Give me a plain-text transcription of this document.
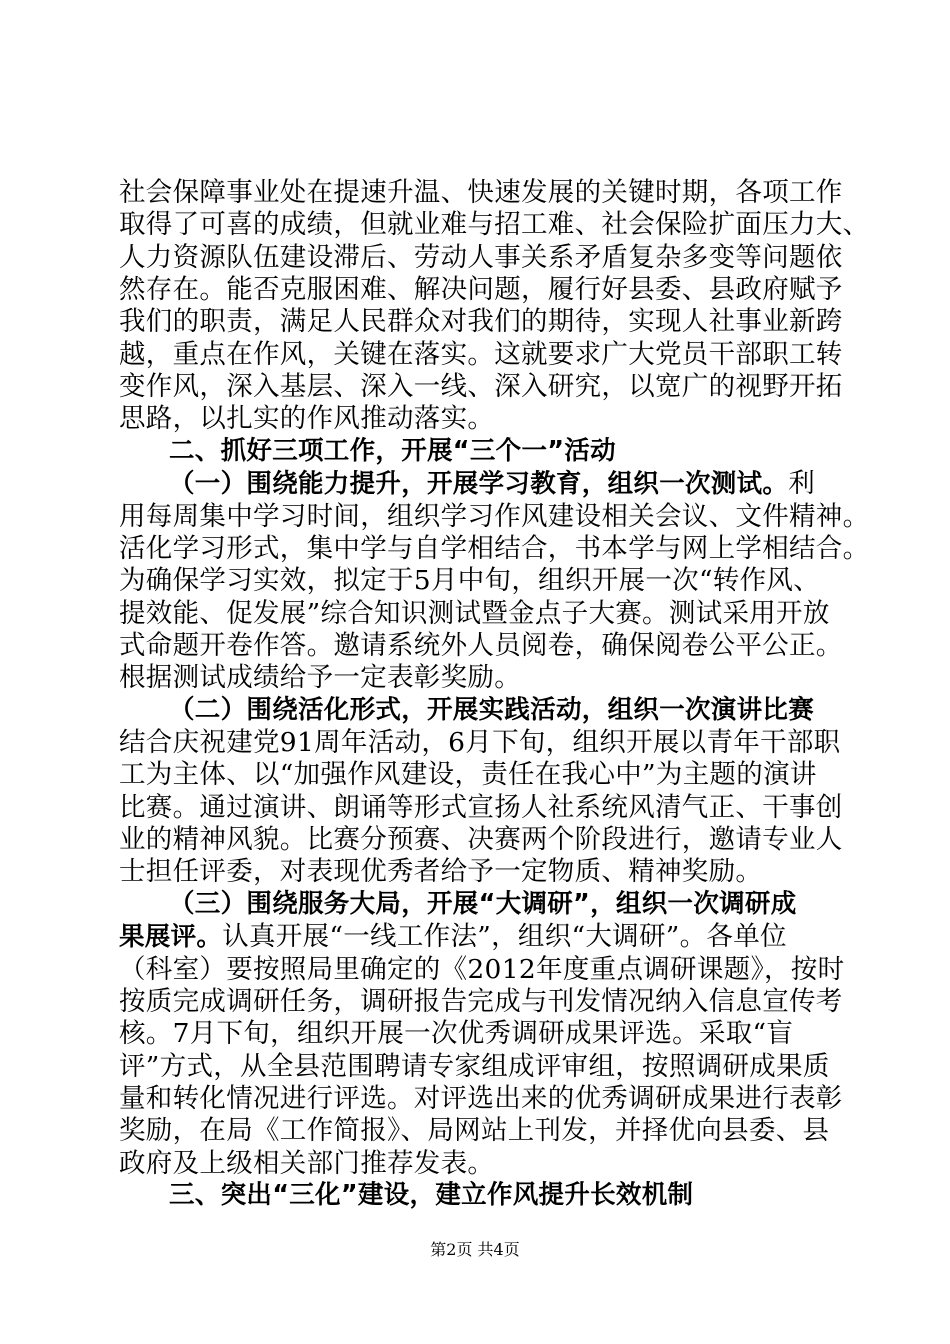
社会保障事业处在提速升温、快速发展的关键时期，各项工作
取得了可喜的成绩，但就业难与招工难、社会保险扩面压力大、
人力资源队伍建设滞后、劳动人事关系矛盾复杂多变等问题依
然存在。能否克服困难、解决问题，履行好县委、县政府赋予
我们的职责，满足人民群众对我们的期待，实现人社事业新跨
越，重点在作风，关键在落实。这就要求广大党员干部职工转
变作风，深入基层、深入一线、深入研究，以宽广的视野开拓
思路，以扎实的作风推动落实。
二、抓好三项工作，开展“三个一”活动
（一）围绕能力提升，开展学习教育，组织一次测试。利
用每周集中学习时间，组织学习作风建设相关会议、文件精神。
活化学习形式，集中学与自学相结合，书本学与网上学相结合。
为确保学习实效，拟定于5月中旬，组织开展一次“转作风、
提效能、促发展”综合知识测试暨金点子大赛。测试采用开放
式命题开卷作答。邀请系统外人员阅卷，确保阅卷公平公正。
根据测试成绩给予一定表彰奖励。
（二）围绕活化形式，开展实践活动，组织一次演讲比赛
结合庆祝建党91周年活动，6月下旬，组织开展以青年干部职
工为主体、以“加强作风建设，责任在我心中”为主题的演讲
比赛。通过演讲、朗诵等形式宣扬人社系统风清气正、干事创
业的精神风貌。比赛分预赛、决赛两个阶段进行，邀请专业人
士担任评委，对表现优秀者给予一定物质、精神奖励。
（三）围绕服务大局，开展“大调研”，组织一次调研成
果展评。认真开展“一线工作法”，组织“大调研”。各单位
（科室）要按照局里确定的《2012年度重点调研课题》，按时
按质完成调研任务，调研报告完成与刊发情况纳入信息宣传考
核。7月下旬，组织开展一次优秀调研成果评选。采取“盲
评”方式，从全县范围聘请专家组成评审组，按照调研成果质
量和转化情况进行评选。对评选出来的优秀调研成果进行表彰
奖励，在局《工作简报》、局网站上刊发，并择优向县委、县
政府及上级相关部门推荐发表。
三、突出“三化”建设，建立作风提升长效机制
第2页 共4页
